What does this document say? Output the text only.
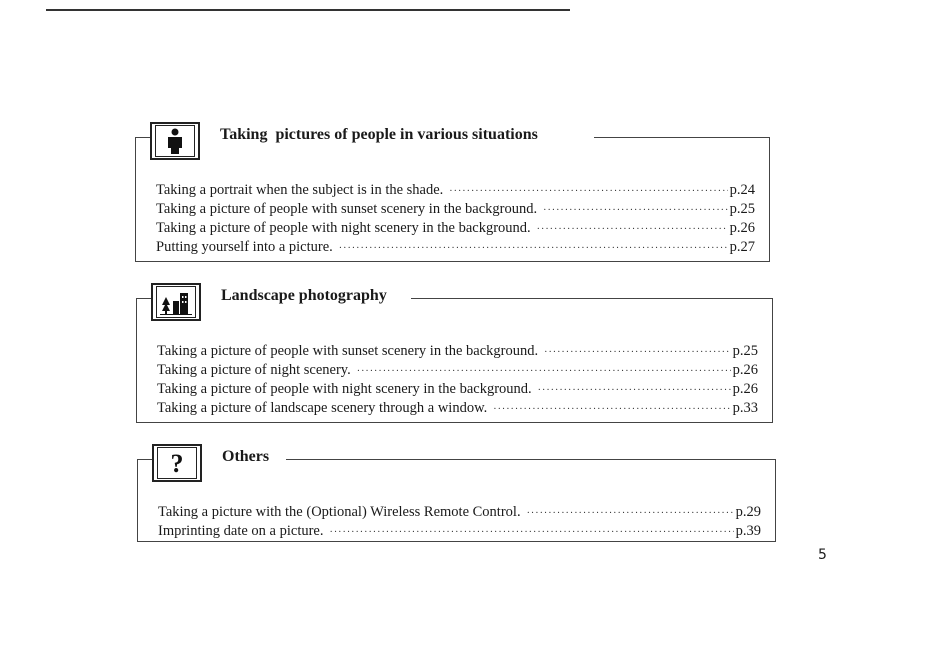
Taking  pictures of people in various situations
Taking a portrait when the subject is in the shade. ·····	p.24
Taking a picture of people with sunset scenery in the background. ·····	p.25
Taking a picture of people with night scenery in the background. ·····	p.26
Putting yourself into a picture. ·····	p.27
Landscape photography
Taking a picture of people with sunset scenery in the background. ·····	p.25
Taking a picture of night scenery. ·····	p.26
Taking a picture of people with night scenery in the background. ·····	p.26
Taking a picture of landscape scenery through a window. ·····	p.33
? Others
Taking a picture with the (Optional) Wireless Remote Control. ·····	p.29
Imprinting date on a picture. ·····	p.39
5
